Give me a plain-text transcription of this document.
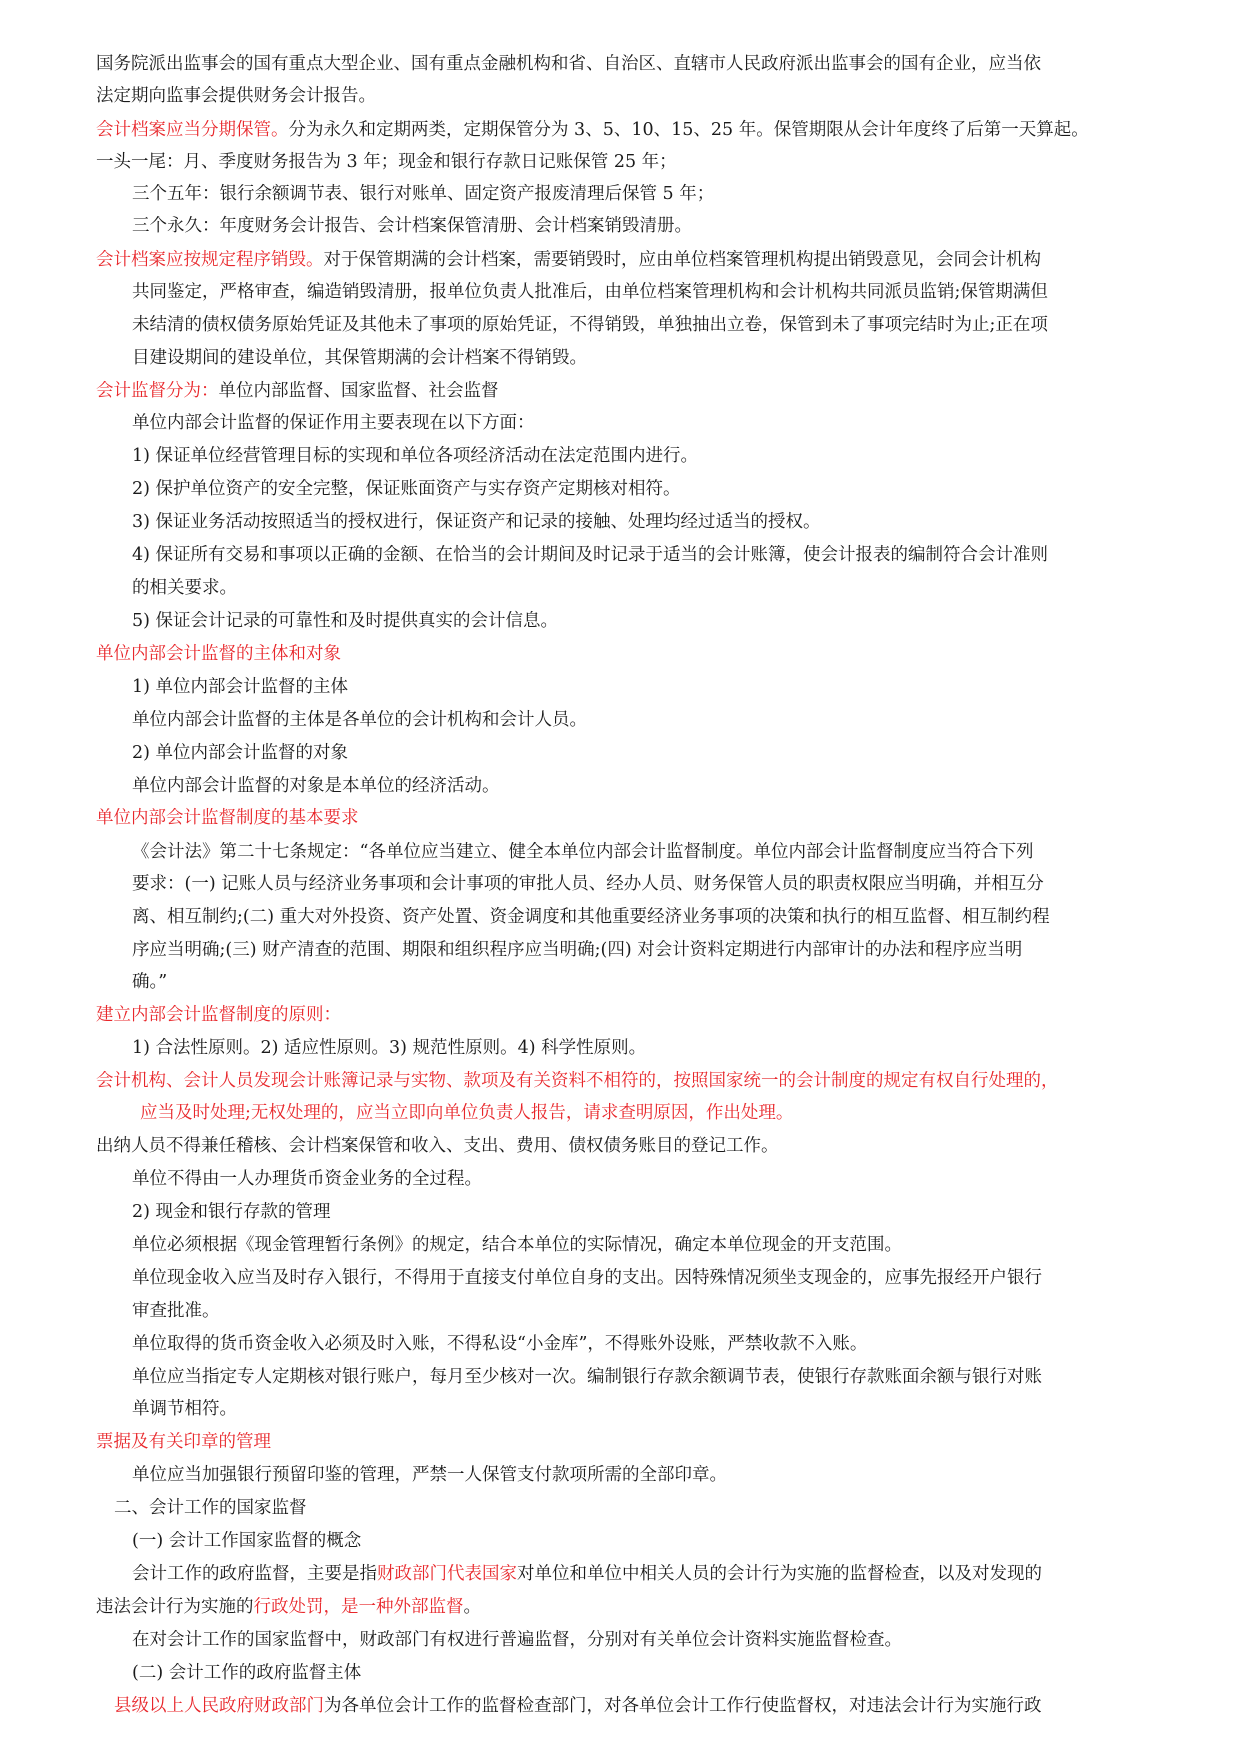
国务院派出监事会的国有重点大型企业、国有重点金融机构和省、自治区、直辖市人民政府派出监事会的国有企业，应当依
法定期向监事会提供财务会计报告。
会计档案应当分期保管。分为永久和定期两类，定期保管分为 3、5、10、15、25 年。保管期限从会计年度终了后第一天算起。
一头一尾：月、季度财务报告为 3 年；现金和银行存款日记账保管 25 年；
三个五年：银行余额调节表、银行对账单、固定资产报废清理后保管 5 年；
三个永久：年度财务会计报告、会计档案保管清册、会计档案销毁清册。
会计档案应按规定程序销毁。对于保管期满的会计档案，需要销毁时，应由单位档案管理机构提出销毁意见，会同会计机构
共同鉴定，严格审查，编造销毁清册，报单位负责人批准后，由单位档案管理机构和会计机构共同派员监销;保管期满但
未结清的债权债务原始凭证及其他未了事项的原始凭证，不得销毁，单独抽出立卷，保管到未了事项完结时为止;正在项
目建设期间的建设单位，其保管期满的会计档案不得销毁。
会计监督分为：单位内部监督、国家监督、社会监督
单位内部会计监督的保证作用主要表现在以下方面：
1) 保证单位经营管理目标的实现和单位各项经济活动在法定范围内进行。
2) 保护单位资产的安全完整，保证账面资产与实存资产定期核对相符。
3) 保证业务活动按照适当的授权进行，保证资产和记录的接触、处理均经过适当的授权。
4) 保证所有交易和事项以正确的金额、在恰当的会计期间及时记录于适当的会计账簿，使会计报表的编制符合会计准则
的相关要求。
5) 保证会计记录的可靠性和及时提供真实的会计信息。
单位内部会计监督的主体和对象
1) 单位内部会计监督的主体
单位内部会计监督的主体是各单位的会计机构和会计人员。
2) 单位内部会计监督的对象
单位内部会计监督的对象是本单位的经济活动。
单位内部会计监督制度的基本要求
《会计法》第二十七条规定：“各单位应当建立、健全本单位内部会计监督制度。单位内部会计监督制度应当符合下列
要求：(一) 记账人员与经济业务事项和会计事项的审批人员、经办人员、财务保管人员的职责权限应当明确，并相互分
离、相互制约;(二) 重大对外投资、资产处置、资金调度和其他重要经济业务事项的决策和执行的相互监督、相互制约程
序应当明确;(三) 财产清查的范围、期限和组织程序应当明确;(四) 对会计资料定期进行内部审计的办法和程序应当明
确。”
建立内部会计监督制度的原则：
1) 合法性原则。2) 适应性原则。3) 规范性原则。4) 科学性原则。
会计机构、会计人员发现会计账簿记录与实物、款项及有关资料不相符的，按照国家统一的会计制度的规定有权自行处理的，
应当及时处理;无权处理的，应当立即向单位负责人报告，请求查明原因，作出处理。
出纳人员不得兼任稽核、会计档案保管和收入、支出、费用、债权债务账目的登记工作。
单位不得由一人办理货币资金业务的全过程。
2) 现金和银行存款的管理
单位必须根据《现金管理暂行条例》的规定，结合本单位的实际情况，确定本单位现金的开支范围。
单位现金收入应当及时存入银行，不得用于直接支付单位自身的支出。因特殊情况须坐支现金的，应事先报经开户银行
审查批准。
单位取得的货币资金收入必须及时入账，不得私设“小金库”，不得账外设账，严禁收款不入账。
单位应当指定专人定期核对银行账户，每月至少核对一次。编制银行存款余额调节表，使银行存款账面余额与银行对账
单调节相符。
票据及有关印章的管理
单位应当加强银行预留印鉴的管理，严禁一人保管支付款项所需的全部印章。
二、会计工作的国家监督
(一) 会计工作国家监督的概念
会计工作的政府监督，主要是指财政部门代表国家对单位和单位中相关人员的会计行为实施的监督检查，以及对发现的
违法会计行为实施的行政处罚，是一种外部监督。
在对会计工作的国家监督中，财政部门有权进行普遍监督，分别对有关单位会计资料实施监督检查。
(二) 会计工作的政府监督主体
县级以上人民政府财政部门为各单位会计工作的监督检查部门，对各单位会计工作行使监督权，对违法会计行为实施行政
